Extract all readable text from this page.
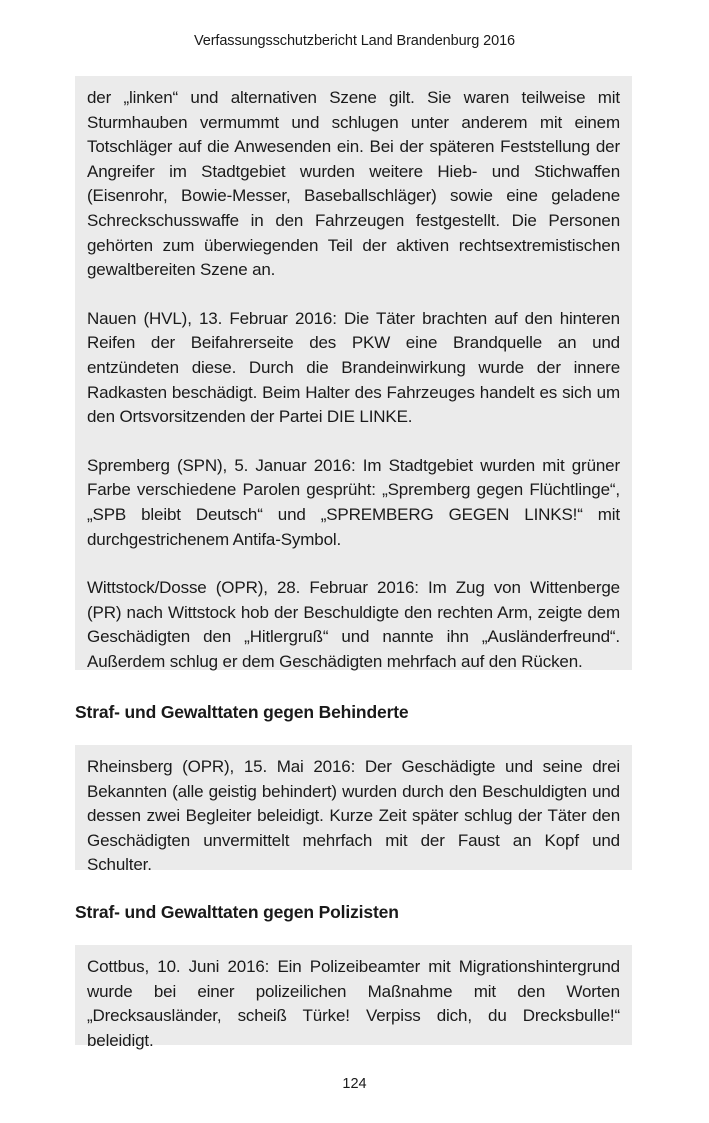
Verfassungsschutzbericht Land Brandenburg 2016

der „linken“ und alternativen Szene gilt. Sie waren teilweise mit Sturmhauben vermummt und schlugen unter anderem mit einem Totschläger auf die Anwesenden ein. Bei der späteren Feststellung der Angreifer im Stadtgebiet wurden weitere Hieb- und Stichwaffen (Eisenrohr, Bowie-Messer, Baseballschläger) sowie eine geladene Schreckschusswaffe in den Fahrzeugen festgestellt. Die Personen gehörten zum überwiegenden Teil der aktiven rechtsextremistischen gewaltbereiten Szene an.

Nauen (HVL), 13. Februar 2016: Die Täter brachten auf den hinteren Reifen der Beifahrerseite des PKW eine Brandquelle an und entzündeten diese. Durch die Brandeinwirkung wurde der innere Radkasten beschädigt. Beim Halter des Fahrzeuges handelt es sich um den Ortsvorsitzenden der Partei DIE LINKE.

Spremberg (SPN), 5. Januar 2016: Im Stadtgebiet wurden mit grüner Farbe verschiedene Parolen gesprüht: „Spremberg gegen Flüchtlinge“, „SPB bleibt Deutsch“ und „SPREMBERG GEGEN LINKS!“ mit durchgestrichenem Antifa-Symbol.

Wittstock/Dosse (OPR), 28. Februar 2016: Im Zug von Wittenberge (PR) nach Wittstock hob der Beschuldigte den rechten Arm, zeigte dem Geschädigten den „Hitlergruß“ und nannte ihn „Ausländerfreund“. Außerdem schlug er dem Geschädigten mehrfach auf den Rücken.

Straf- und Gewalttaten gegen Behinderte

Rheinsberg (OPR), 15. Mai 2016: Der Geschädigte und seine drei Bekannten (alle geistig behindert) wurden durch den Beschuldigten und dessen zwei Begleiter beleidigt. Kurze Zeit später schlug der Täter den Geschädigten unvermittelt mehrfach mit der Faust an Kopf und Schulter.

Straf- und Gewalttaten gegen Polizisten

Cottbus, 10. Juni 2016: Ein Polizeibeamter mit Migrationshintergrund wurde bei einer polizeilichen Maßnahme mit den Worten „Drecksausländer, scheiß Türke! Verpiss dich, du Drecksbulle!“ beleidigt.

124
